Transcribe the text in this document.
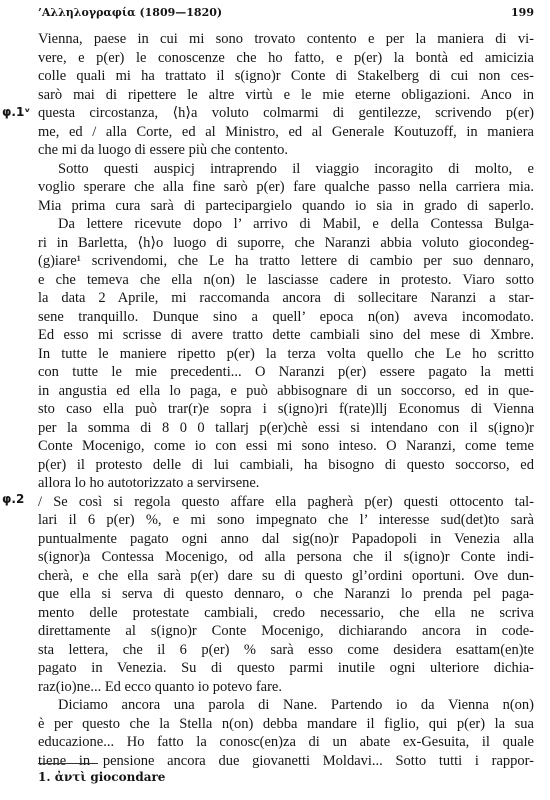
’Αλληλογραφία (1809—1820)	199
φ.1ᵛ
φ.2
Vienna, paese in cui mi sono trovato contento e per la maniera di vi-
vere, e p(er) le conoscenze che ho fatto, e p(er) la bontà ed amicizia
colle quali mi ha trattato il s(igno)r Conte di Stakelberg di cui non ces-
sarò mai di ripettere le altre virtù e le mie eterne obligazioni. Anco in
questa circostanza, ⟨h⟩a voluto colmarmi di gentilezze, scrivendo p(er)
me, ed / alla Corte, ed al Ministro, ed al Generale Koutuzoff, in maniera
che mi da luogo di essere più che contento.
Sotto questi auspicj intraprendo il viaggio incoragito di molto, e
voglio sperare che alla fine sarò p(er) fare qualche passo nella carriera mia.
Mia prima cura sarà di partecipargielo quando io sia in grado di saperlo.
Da lettere ricevute dopo l’ arrivo di Mabil, e della Contessa Bulga-
ri in Barletta, ⟨h⟩o luogo di suporre, che Naranzi abbia voluto giocondeg-
(g)iare¹ scrivendomi, che Le ha tratto lettere di cambio per suo dennaro,
e che temeva che ella n(on) le lasciasse cadere in protesto. Viaro sotto
la data 2 Aprile, mi raccomanda ancora di sollecitare Naranzi a star-
sene tranquillo. Dunque sino a quell’ epoca n(on) aveva incomodato.
Ed esso mi scrisse di avere tratto dette cambiali sino del mese di Xmbre.
In tutte le maniere ripetto p(er) la terza volta quello che Le ho scritto
con tutte le mie precedenti... O Naranzi p(er) essere pagato la metti
in angustia ed ella lo paga, e può abbisognare di un soccorso, ed in que-
sto caso ella può trar(r)e sopra i s(igno)ri f(rate)llj Economus di Vienna
per la somma di 8 0 0 tallarj p(er)chè essi si intendano con il s(igno)r
Conte Mocenigo, come io con essi mi sono inteso. O Naranzi, come teme
p(er) il protesto delle di lui cambiali, ha bisogno di questo soccorso, ed
allora lo ho autotorizzato a servirsene.
/ Se così si regola questo affare ella pagherà p(er) questi ottocento tal-
lari il 6 p(er) %, e mi sono impegnato che l’ interesse sud(det)to sarà
puntualmente pagato ogni anno dal sig(no)r Papadopoli in Venezia alla
s(ignor)a Contessa Mocenigo, od alla persona che il s(igno)r Conte indi-
cherà, e che ella sarà p(er) dare su di questo gl’ordini oportuni. Ove dun-
que ella si serva di questo dennaro, o che Naranzi lo prenda pel paga-
mento delle protestate cambiali, credo necessario, che ella ne scriva
direttamente al s(igno)r Conte Mocenigo, dichiarando ancora in code-
sta lettera, che il 6 p(er) % sarà esso come desidera esattam(en)te
pagato in Venezia. Su di questo parmi inutile ogni ulteriore dichia-
raz(io)ne... Ed ecco quanto io potevo fare.
Diciamo ancora una parola di Nane. Partendo io da Vienna n(on)
è per questo che la Stella n(on) debba mandare il figlio, qui p(er) la sua
educazione... Ho fatto la conosc(en)za di un abate ex-Gesuita, il quale
tiene in pensione ancora due giovanetti Moldavi... Sotto tutti i rappor-
1. ἀντὶ giocondare
